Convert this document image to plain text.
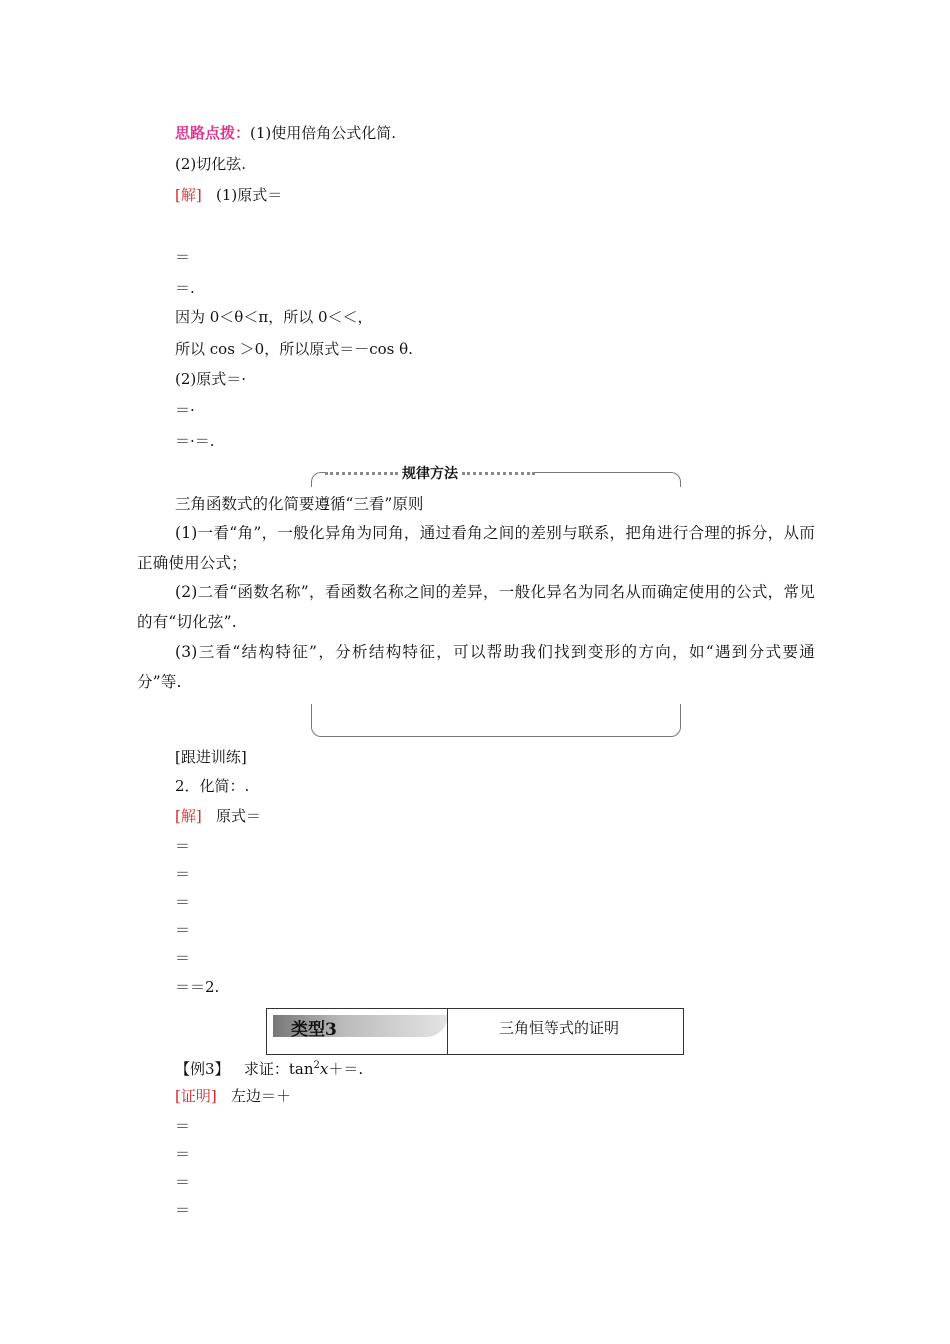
思路点拨：(1)使用倍角公式化简.
(2)切化弦.
[解] (1)原式＝
＝
＝.
因为 0＜θ＜π，所以 0＜＜，
所以 cos ＞0，所以原式＝－cos θ.
(2)原式＝·
＝·
＝·＝.
规律方法
三角函数式的化简要遵循“三看”原则
(1)一看“角”，一般化异角为同角，通过看角之间的差别与联系，把角进行合理的拆分，从而正确使用公式；
(2)二看“函数名称”，看函数名称之间的差异，一般化异名为同名从而确定使用的公式，常见的有“切化弦”.
(3)三看“结构特征”，分析结构特征，可以帮助我们找到变形的方向，如“遇到分式要通分”等.
[跟进训练]
2．化简：.
[解] 原式＝
＝
＝
＝
＝
＝
＝＝2.
类型3	三角恒等式的证明
【例3】 求证：$\tan^2x+=$.
[证明] 左边＝＋
＝
＝
＝
＝
